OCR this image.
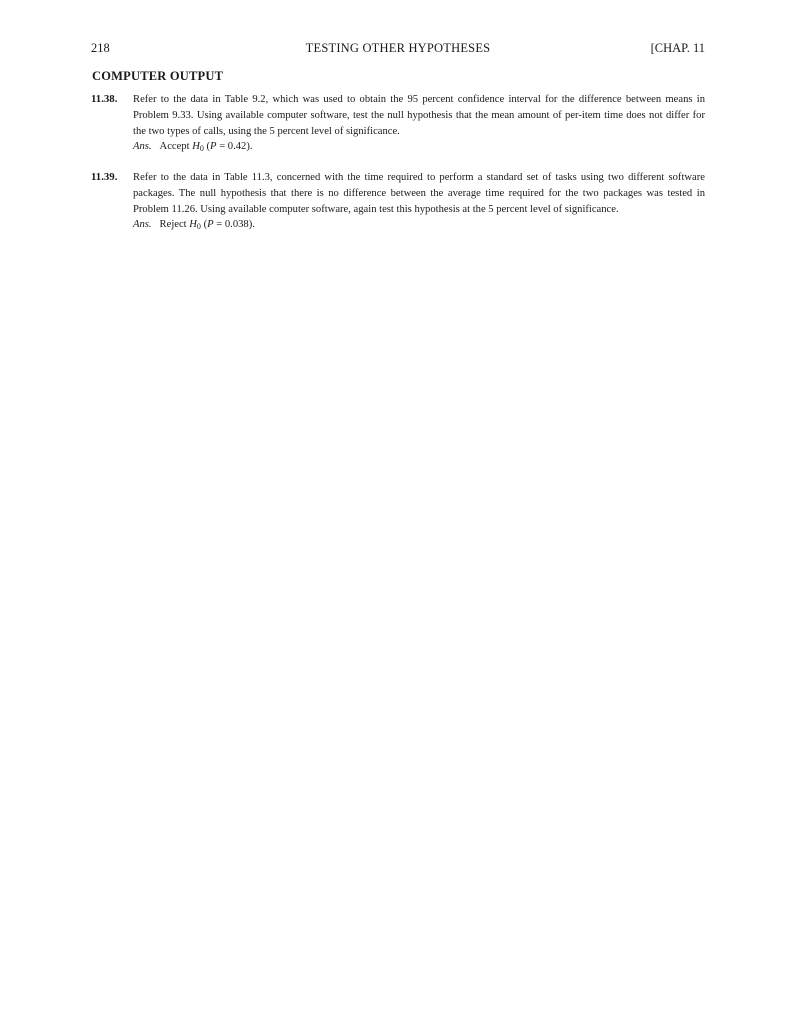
218	TESTING OTHER HYPOTHESES	[CHAP. 11
COMPUTER OUTPUT
11.38. Refer to the data in Table 9.2, which was used to obtain the 95 percent confidence interval for the difference between means in Problem 9.33. Using available computer software, test the null hypothesis that the mean amount of per-item time does not differ for the two types of calls, using the 5 percent level of significance.
Ans. Accept $H_0$ (P = 0.42).
11.39. Refer to the data in Table 11.3, concerned with the time required to perform a standard set of tasks using two different software packages. The null hypothesis that there is no difference between the average time required for the two packages was tested in Problem 11.26. Using available computer software, again test this hypothesis at the 5 percent level of significance.
Ans. Reject $H_0$ (P = 0.038).
